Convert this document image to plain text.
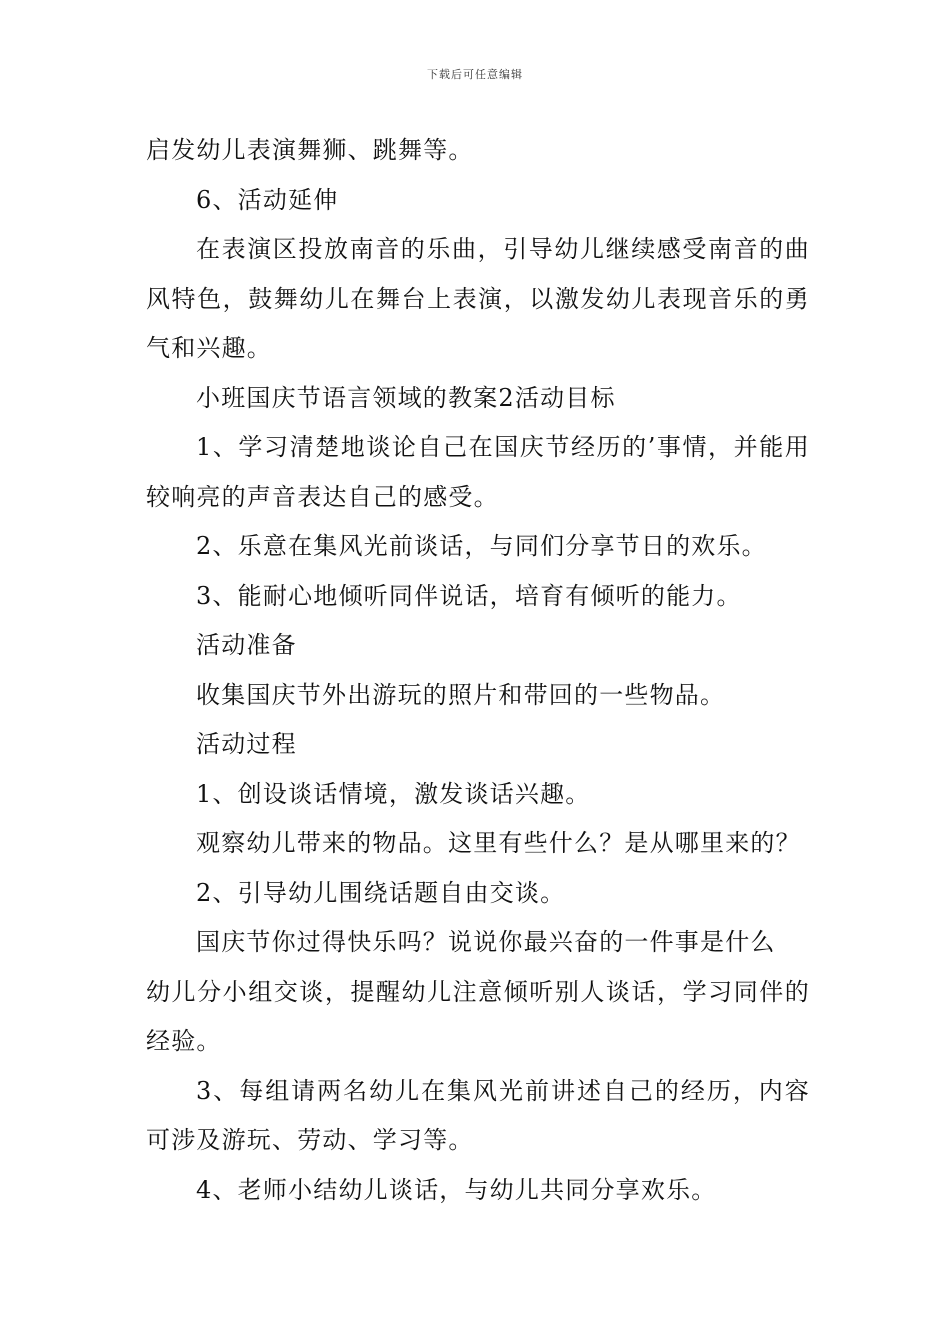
下载后可任意编辑

启发幼儿表演舞狮、跳舞等。

6、活动延伸

在表演区投放南音的乐曲，引导幼儿继续感受南音的曲风特色，鼓舞幼儿在舞台上表演，以激发幼儿表现音乐的勇气和兴趣。

小班国庆节语言领域的教案2活动目标

1、学习清楚地谈论自己在国庆节经历的’事情，并能用较响亮的声音表达自己的感受。

2、乐意在集风光前谈话，与同们分享节日的欢乐。

3、能耐心地倾听同伴说话，培育有倾听的能力。

活动准备

收集国庆节外出游玩的照片和带回的一些物品。

活动过程

1、创设谈话情境，激发谈话兴趣。

观察幼儿带来的物品。这里有些什么？是从哪里来的？

2、引导幼儿围绕话题自由交谈。

国庆节你过得快乐吗？说说你最兴奋的一件事是什么

幼儿分小组交谈，提醒幼儿注意倾听别人谈话，学习同伴的经验。

3、每组请两名幼儿在集风光前讲述自己的经历，内容可涉及游玩、劳动、学习等。

4、老师小结幼儿谈话，与幼儿共同分享欢乐。
